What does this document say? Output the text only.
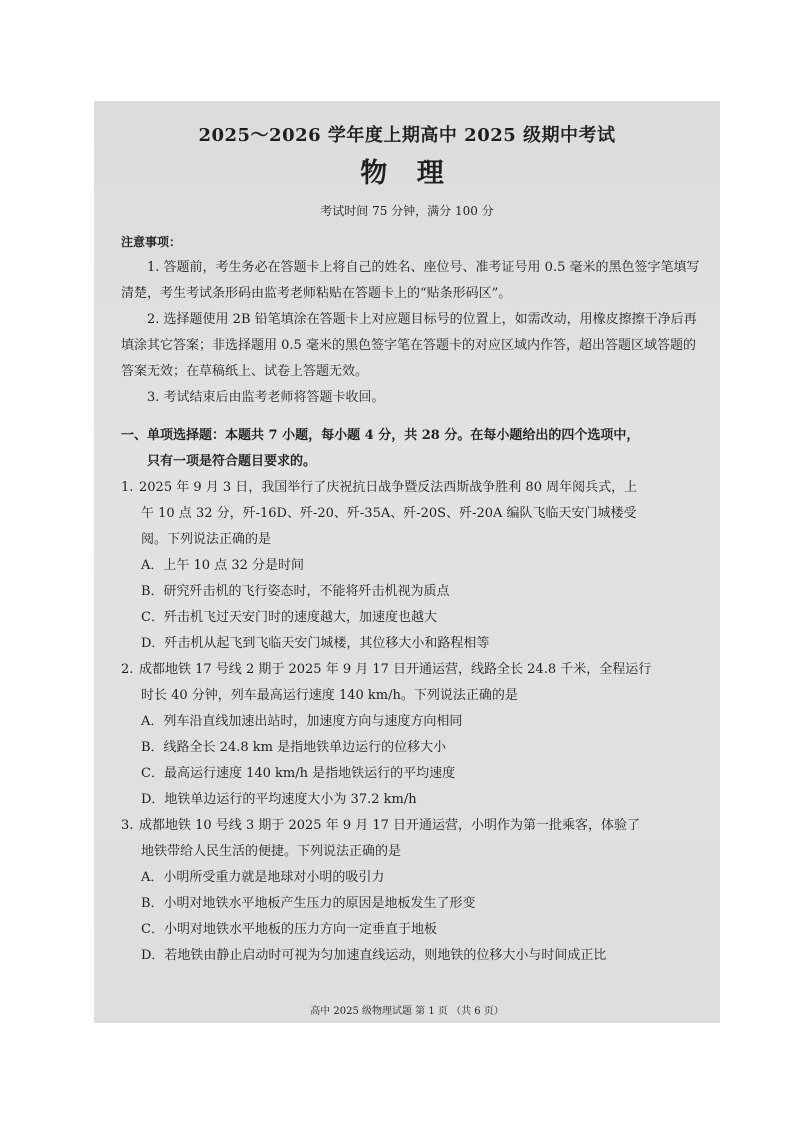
2025～2026 学年度上期高中 2025 级期中考试
物 理
考试时间 75 分钟，满分 100 分
注意事项：
1. 答题前，考生务必在答题卡上将自己的姓名、座位号、准考证号用 0.5 毫米的黑色签字笔填写清楚，考生考试条形码由监考老师粘贴在答题卡上的“贴条形码区”。
2. 选择题使用 2B 铅笔填涂在答题卡上对应题目标号的位置上，如需改动，用橡皮擦擦干净后再填涂其它答案；非选择题用 0.5 毫米的黑色签字笔在答题卡的对应区域内作答，超出答题区域答题的答案无效；在草稿纸上、试卷上答题无效。
3. 考试结束后由监考老师将答题卡收回。
一、单项选择题：本题共 7 小题，每小题 4 分，共 28 分。在每小题给出的四个选项中，
只有一项是符合题目要求的。
1. 2025 年 9 月 3 日，我国举行了庆祝抗日战争暨反法西斯战争胜利 80 周年阅兵式，上
午 10 点 32 分，歼-16D、歼-20、歼-35A、歼-20S、歼-20A 编队飞临天安门城楼受
阅。下列说法正确的是
A．上午 10 点 32 分是时间
B．研究歼击机的飞行姿态时，不能将歼击机视为质点
C．歼击机飞过天安门时的速度越大，加速度也越大
D．歼击机从起飞到飞临天安门城楼，其位移大小和路程相等
2. 成都地铁 17 号线 2 期于 2025 年 9 月 17 日开通运营，线路全长 24.8 千米，全程运行
时长 40 分钟，列车最高运行速度 140 km/h。下列说法正确的是
A．列车沿直线加速出站时，加速度方向与速度方向相同
B．线路全长 24.8 km 是指地铁单边运行的位移大小
C．最高运行速度 140 km/h 是指地铁运行的平均速度
D．地铁单边运行的平均速度大小为 37.2 km/h
3. 成都地铁 10 号线 3 期于 2025 年 9 月 17 日开通运营，小明作为第一批乘客，体验了
地铁带给人民生活的便捷。下列说法正确的是
A．小明所受重力就是地球对小明的吸引力
B．小明对地铁水平地板产生压力的原因是地板发生了形变
C．小明对地铁水平地板的压力方向一定垂直于地板
D．若地铁由静止启动时可视为匀加速直线运动，则地铁的位移大小与时间成正比
高中 2025 级物理试题 第 1 页 （共 6 页）
